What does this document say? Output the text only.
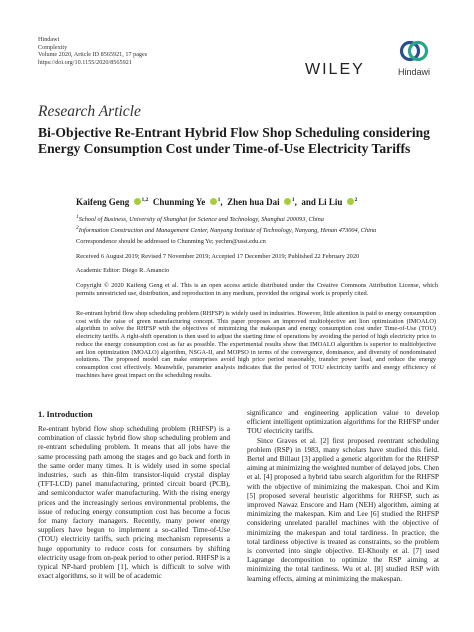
Hindawi
Complexity
Volume 2020, Article ID 8565921, 17 pages
https://doi.org/10.1155/2020/8565921	WILEY	Hindawi
Research Article
Bi-Objective Re-Entrant Hybrid Flow Shop Scheduling considering Energy Consumption Cost under Time-of-Use Electricity Tariffs
Kaifeng Geng $^{1,2}$ Chunming Ye $^1$, Zhen hua Dai $^1$, and Li Liu $^2$
$^1$School of Business, University of Shanghai for Science and Technology, Shanghai 200093, China
$^2$Information Construction and Management Center, Nanyang Institute of Technology, Nanyang, Henan 473004, China
Correspondence should be addressed to Chunming Ye; yechm@usst.edu.cn
Received 6 August 2019; Revised 7 November 2019; Accepted 17 December 2019; Published 22 February 2020
Academic Editor: Diego R. Amancio
Copyright © 2020 Kaifeng Geng et al. This is an open access article distributed under the Creative Commons Attribution License, which permits unrestricted use, distribution, and reproduction in any medium, provided the original work is properly cited.
Re-entrant hybrid flow shop scheduling problem (RHFSP) is widely used in industries. However, little attention is paid to energy consumption cost with the raise of green manufacturing concept. This paper proposes an improved multiobjective ant lion optimization (IMOALO) algorithm to solve the RHFSP with the objectives of minimizing the makespan and energy consumption cost under Time-of-Use (TOU) electricity tariffs. A right-shift operation is then used to adjust the starting time of operations by avoiding the period of high electricity price to reduce the energy consumption cost as far as possible. The experimental results show that IMOALO algorithm is superior to multiobjective ant lion optimization (MOALO) algorithm, NSGA-II, and MOPSO in terms of the convergence, dominance, and diversity of nondominated solutions. The proposed model can make enterprises avoid high price period reasonably, transfer power load, and reduce the energy consumption cost effectively. Meanwhile, parameter analysis indicates that the period of TOU electricity tariffs and energy efficiency of machines have great impact on the scheduling results.
1. Introduction

Re-entrant hybrid flow shop scheduling problem (RHFSP) is a combination of classic hybrid flow shop scheduling problem and re-entrant scheduling problem. It means that all jobs have the same processing path among the stages and go back and forth in the same order many times. It is widely used in some special industries, such as thin-film transistor-liquid crystal display (TFT-LCD) panel manufacturing, printed circuit board (PCB), and semiconductor wafer manufacturing. With the rising energy prices and the increasingly serious environmental problems, the issue of reducing energy consumption cost has become a focus for many factory managers. Recently, many power energy suppliers have begun to implement a so-called Time-of-Use (TOU) electricity tariffs, such pricing mechanism represents a huge opportunity to reduce costs for consumers by shifting electricity usage from on-peak period to other period. RHFSP is a typical NP-hard problem [1], which is difficult to solve with exact algorithms, so it will be of academic

significance and engineering application value to develop efficient intelligent optimization algorithms for the RHFSP under TOU electricity tariffs.

Since Graves et al. [2] first proposed reentrant scheduling problem (RSP) in 1983, many scholars have studied this field. Bertel and Billaut [3] applied a genetic algorithm for the RHFSP aiming at minimizing the weighted number of delayed jobs. Chen et al. [4] proposed a hybrid tabu search algorithm for the RHFSP with the objective of minimizing the makespan. Choi and Kim [5] proposed several heuristic algorithms for RHFSP, such as improved Nawaz Enscore and Ham (NEH) algorithm, aiming at minimizing the makespan. Kim and Lee [6] studied the RHFSP considering unrelated parallel machines with the objective of minimizing the makespan and total tardiness. In practice, the total tardiness objective is treated as constraints, so the problem is converted into single objective. El-Khouly et al. [7] used Lagrange decomposition to optimize the RSP aiming at minimizing the total tardiness. Wu et al. [8] studied RSP with learning effects, aiming at minimizing the makespan.
